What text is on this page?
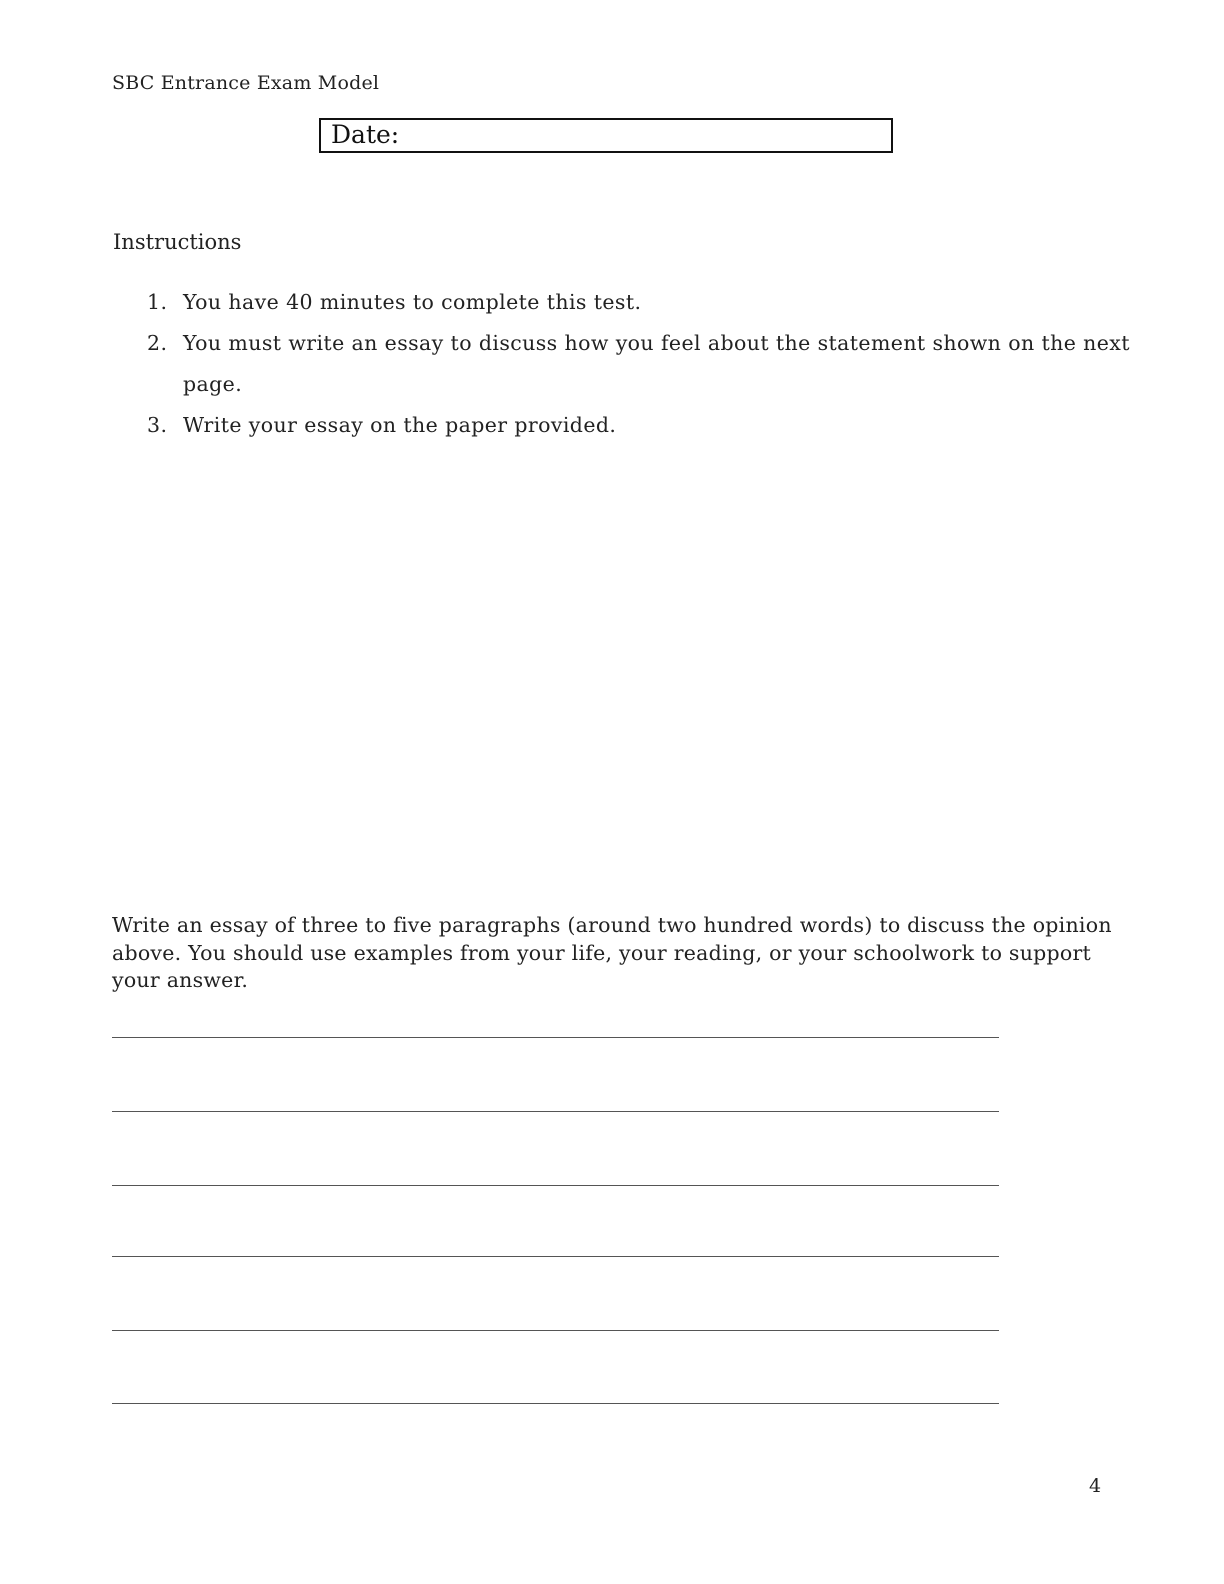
SBC Entrance Exam Model
Date:
Instructions
1. You have 40 minutes to complete this test.
2. You must write an essay to discuss how you feel about the statement shown on the next page.
3. Write your essay on the paper provided.

Write an essay of three to five paragraphs (around two hundred words) to discuss the opinion
above. You should use examples from your life, your reading, or your schoolwork to support
your answer.

4
